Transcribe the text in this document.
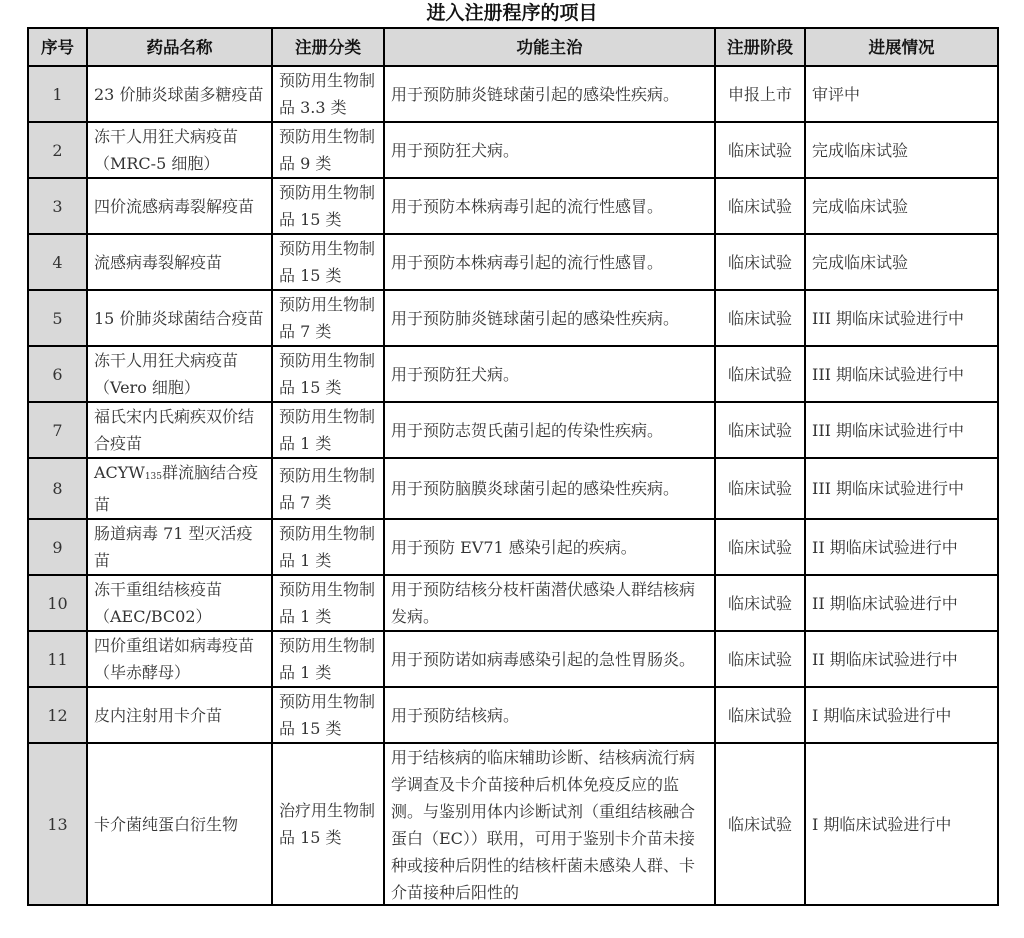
进入注册程序的项目
序号	药品名称	注册分类	功能主治	注册阶段	进展情况
1	23 价肺炎球菌多糖疫苗	预防用生物制品 3.3 类	用于预防肺炎链球菌引起的感染性疾病。	申报上市	审评中
2	冻干人用狂犬病疫苗（MRC-5 细胞）	预防用生物制品 9 类	用于预防狂犬病。	临床试验	完成临床试验
3	四价流感病毒裂解疫苗	预防用生物制品 15 类	用于预防本株病毒引起的流行性感冒。	临床试验	完成临床试验
4	流感病毒裂解疫苗	预防用生物制品 15 类	用于预防本株病毒引起的流行性感冒。	临床试验	完成临床试验
5	15 价肺炎球菌结合疫苗	预防用生物制品 7 类	用于预防肺炎链球菌引起的感染性疾病。	临床试验	III 期临床试验进行中
6	冻干人用狂犬病疫苗（Vero 细胞）	预防用生物制品 15 类	用于预防狂犬病。	临床试验	III 期临床试验进行中
7	福氏宋内氏痢疾双价结合疫苗	预防用生物制品 1 类	用于预防志贺氏菌引起的传染性疾病。	临床试验	III 期临床试验进行中
8	$ACYW_{135}$群流脑结合疫苗	预防用生物制品 7 类	用于预防脑膜炎球菌引起的感染性疾病。	临床试验	III 期临床试验进行中
9	肠道病毒 71 型灭活疫苗	预防用生物制品 1 类	用于预防 EV71 感染引起的疾病。	临床试验	II 期临床试验进行中
10	冻干重组结核疫苗（AEC/BC02）	预防用生物制品 1 类	用于预防结核分枝杆菌潜伏感染人群结核病发病。	临床试验	II 期临床试验进行中
11	四价重组诺如病毒疫苗（毕赤酵母）	预防用生物制品 1 类	用于预防诺如病毒感染引起的急性胃肠炎。	临床试验	II 期临床试验进行中
12	皮内注射用卡介苗	预防用生物制品 15 类	用于预防结核病。	临床试验	I 期临床试验进行中
13	卡介菌纯蛋白衍生物	治疗用生物制品 15 类	用于结核病的临床辅助诊断、结核病流行病学调查及卡介苗接种后机体免疫反应的监测。与鉴别用体内诊断试剂（重组结核融合蛋白（EC））联用，可用于鉴别卡介苗未接种或接种后阴性的结核杆菌未感染人群、卡介苗接种后阳性的	临床试验	I 期临床试验进行中
